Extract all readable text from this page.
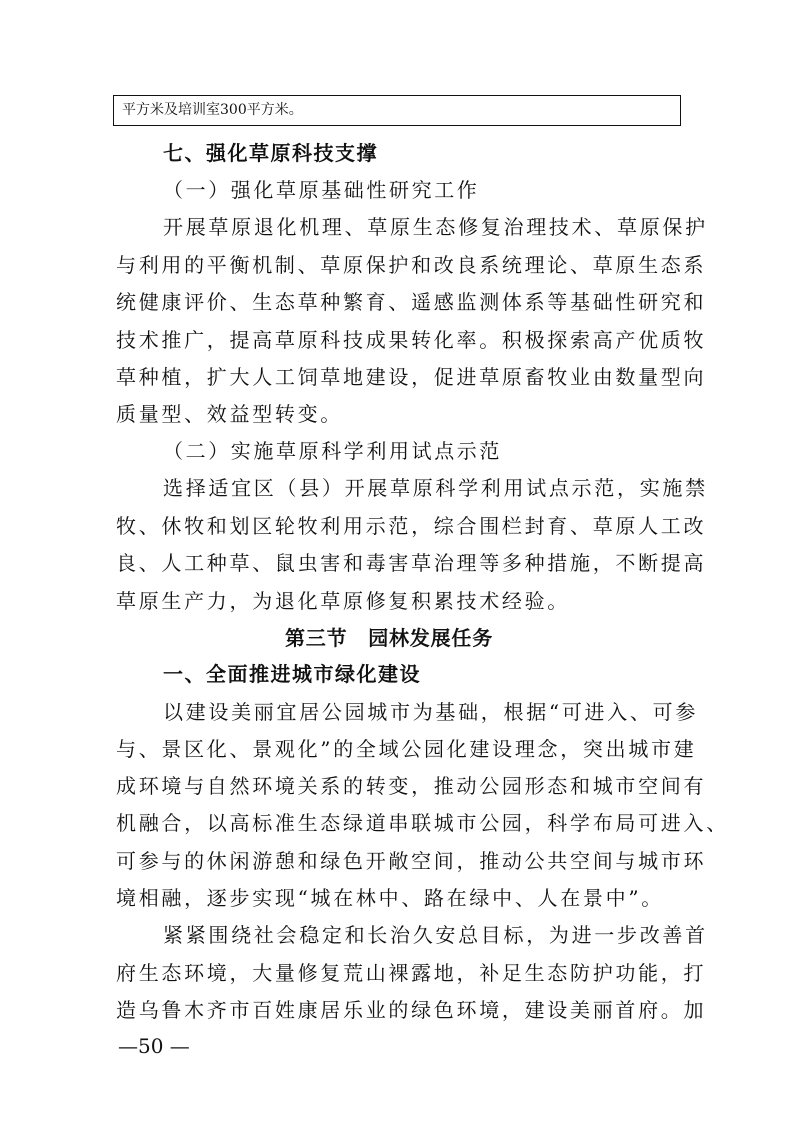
平方米及培训室300平方米。
七、强化草原科技支撑
（一）强化草原基础性研究工作
开展草原退化机理、草原生态修复治理技术、草原保护
与利用的平衡机制、草原保护和改良系统理论、草原生态系
统健康评价、生态草种繁育、遥感监测体系等基础性研究和
技术推广，提高草原科技成果转化率。积极探索高产优质牧
草种植，扩大人工饲草地建设，促进草原畜牧业由数量型向
质量型、效益型转变。
（二）实施草原科学利用试点示范
选择适宜区（县）开展草原科学利用试点示范，实施禁
牧、休牧和划区轮牧利用示范，综合围栏封育、草原人工改
良、人工种草、鼠虫害和毒害草治理等多种措施，不断提高
草原生产力，为退化草原修复积累技术经验。
第三节　园林发展任务
一、全面推进城市绿化建设
以建设美丽宜居公园城市为基础，根据“可进入、可参
与、景区化、景观化”的全域公园化建设理念，突出城市建
成环境与自然环境关系的转变，推动公园形态和城市空间有
机融合，以高标准生态绿道串联城市公园，科学布局可进入、
可参与的休闲游憩和绿色开敞空间，推动公共空间与城市环
境相融，逐步实现“城在林中、路在绿中、人在景中”。
紧紧围绕社会稳定和长治久安总目标，为进一步改善首
府生态环境，大量修复荒山裸露地，补足生态防护功能，打
造乌鲁木齐市百姓康居乐业的绿色环境，建设美丽首府。加
—50 —
